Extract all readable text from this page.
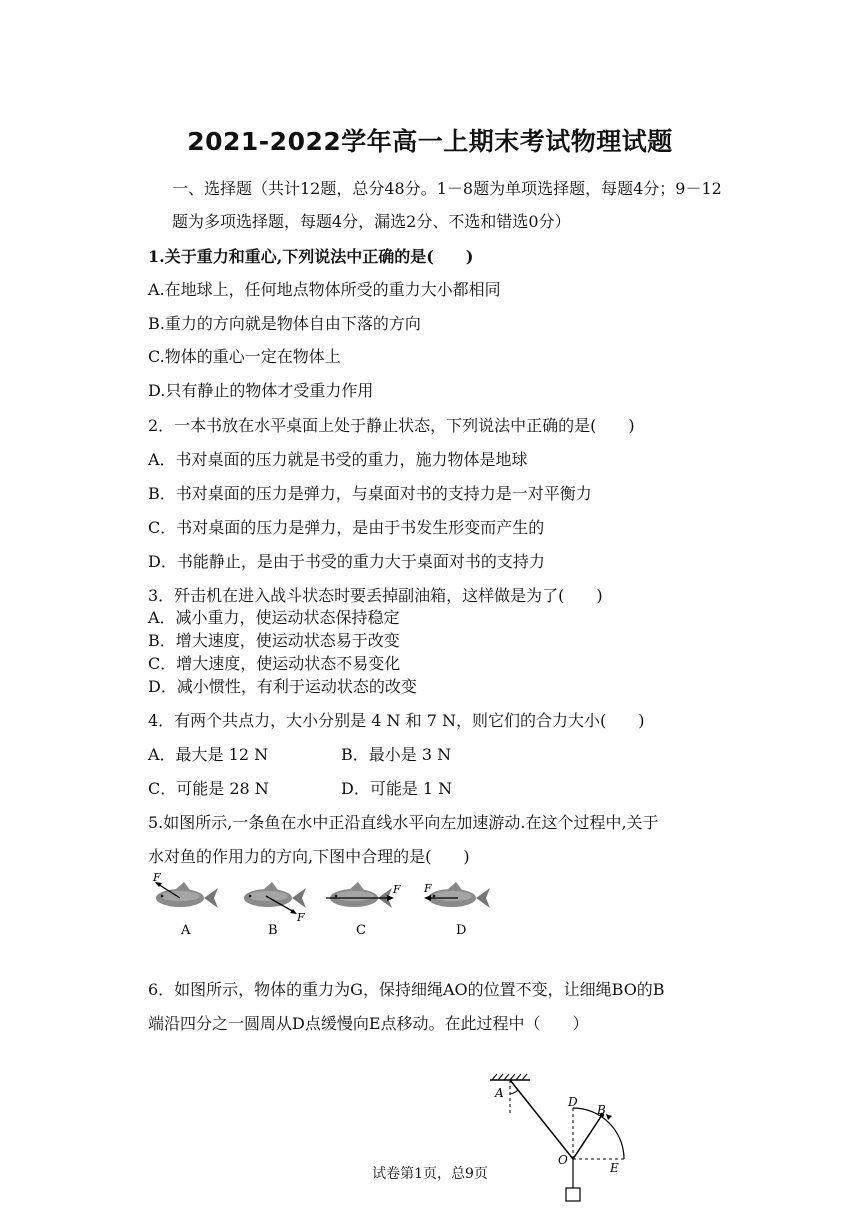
2021-2022学年高一上期末考试物理试题
一、选择题（共计12题，总分48分。1－8题为单项选择题，每题4分；9－12
题为多项选择题，每题4分，漏选2分、不选和错选0分）
1.关于重力和重心,下列说法中正确的是(　　)
A.在地球上，任何地点物体所受的重力大小都相同
B.重力的方向就是物体自由下落的方向
C.物体的重心一定在物体上
D.只有静止的物体才受重力作用
2．一本书放在水平桌面上处于静止状态，下列说法中正确的是(　　)
A．书对桌面的压力就是书受的重力，施力物体是地球
B．书对桌面的压力是弹力，与桌面对书的支持力是一对平衡力
C．书对桌面的压力是弹力，是由于书发生形变而产生的
D．书能静止，是由于书受的重力大于桌面对书的支持力
3．歼击机在进入战斗状态时要丢掉副油箱，这样做是为了(　　)
A．减小重力，使运动状态保持稳定
B．增大速度，使运动状态易于改变
C．增大速度，使运动状态不易变化
D．减小惯性，有利于运动状态的改变
4．有两个共点力，大小分别是 4 N 和 7 N，则它们的合力大小(　　)
A．最大是 12 N	B．最小是 3 N
C．可能是 28 N	D．可能是 1 N
5.如图所示,一条鱼在水中正沿直线水平向左加速游动.在这个过程中,关于
水对鱼的作用力的方向,下图中合理的是(　　)
F
A
F
B
F
C
F
D
6．如图所示，物体的重力为G，保持细绳AO的位置不变，让细绳BO的B
端沿四分之一圆周从D点缓慢向E点移动。在此过程中（　　）
A
D
B
O
E
试卷第1页，总9页
